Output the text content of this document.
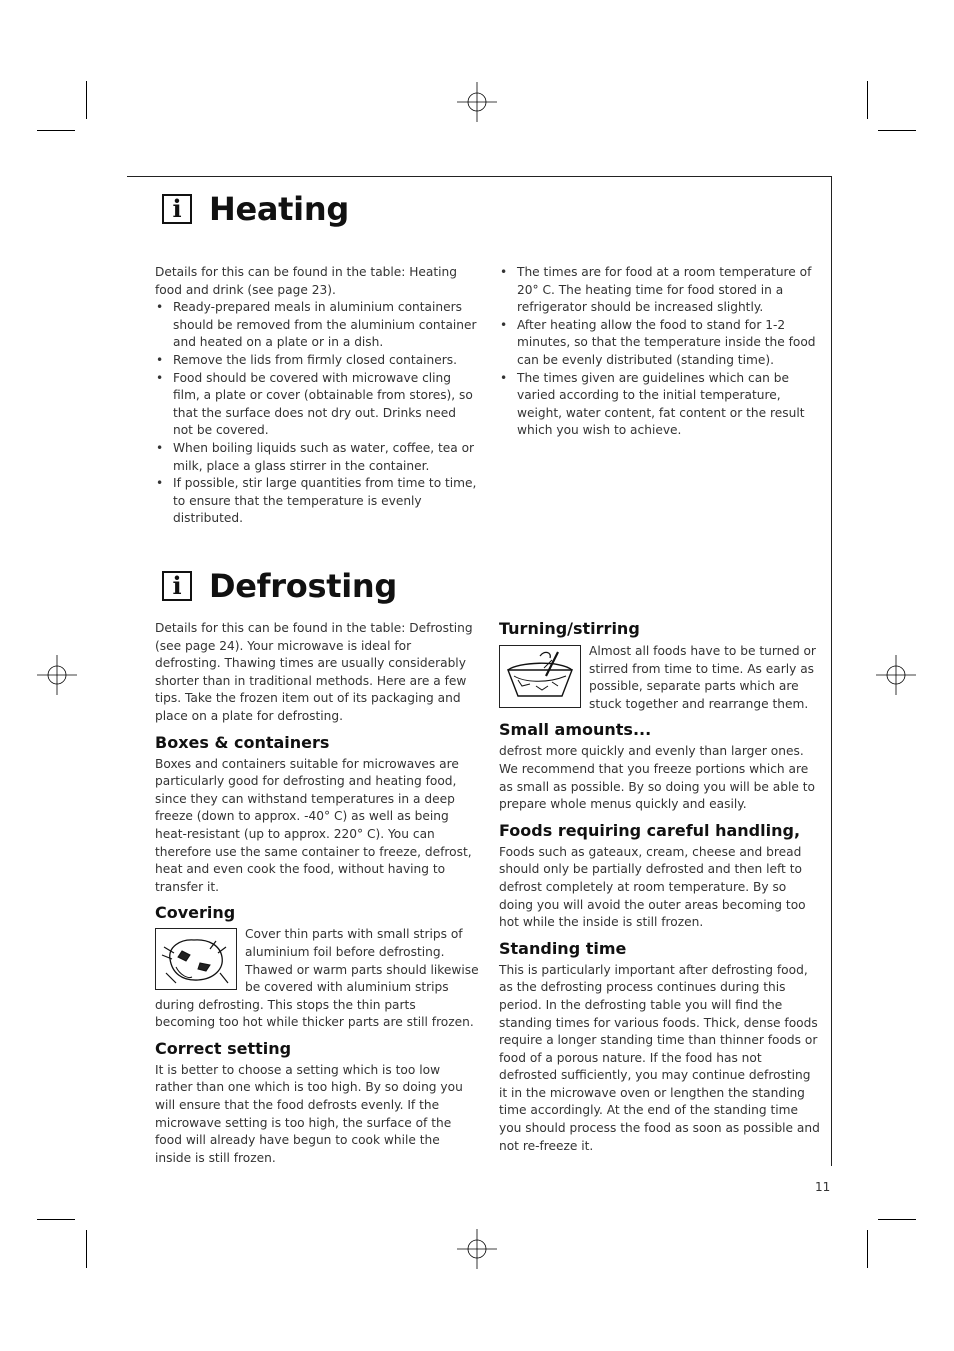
i Heating

Details for this can be found in the table: Heating food and drink (see page 23).

• Ready-prepared meals in aluminium containers should be removed from the aluminium container and heated on a plate or in a dish.
• Remove the lids from firmly closed containers.
• Food should be covered with microwave cling film, a plate or cover (obtainable from stores), so that the surface does not dry out. Drinks need not be covered.
• When boiling liquids such as water, coffee, tea or milk, place a glass stirrer in the container.
• If possible, stir large quantities from time to time, to ensure that the temperature is evenly distributed.
• The times are for food at a room temperature of 20° C. The heating time for food stored in a refrigerator should be increased slightly.
• After heating allow the food to stand for 1-2 minutes, so that the temperature inside the food can be evenly distributed (standing time).
• The times given are guidelines which can be varied according to the initial temperature, weight, water content, fat content or the result which you wish to achieve.
i Defrosting

Details for this can be found in the table: Defrosting (see page 24). Your microwave is ideal for defrosting. Thawing times are usually considerably shorter than in traditional methods. Here are a few tips. Take the frozen item out of its packaging and place on a plate for defrosting.

Boxes & containers

Boxes and containers suitable for microwaves are particularly good for defrosting and heating food, since they can withstand temperatures in a deep freeze (down to approx. -40° C) as well as being heat-resistant (up to approx. 220° C). You can therefore use the same container to freeze, defrost, heat and even cook the food, without having to transfer it.

Covering

Cover thin parts with small strips of aluminium foil before defrosting. Thawed or warm parts should likewise be covered with aluminium strips during defrosting. This stops the thin parts becoming too hot while thicker parts are still frozen.

Correct setting

It is better to choose a setting which is too low rather than one which is too high. By so doing you will ensure that the food defrosts evenly. If the microwave setting is too high, the surface of the food will already have begun to cook while the inside is still frozen.

Turning/stirring

Almost all foods have to be turned or stirred from time to time. As early as possible, separate parts which are stuck together and rearrange them.

Small amounts...

defrost more quickly and evenly than larger ones. We recommend that you freeze portions which are as small as possible. By so doing you will be able to prepare whole menus quickly and easily.

Foods requiring careful handling,

Foods such as gateaux, cream, cheese and bread should only be partially defrosted and then left to defrost completely at room temperature. By so doing you will avoid the outer areas becoming too hot while the inside is still frozen.

Standing time

This is particularly important after defrosting food, as the defrosting process continues during this period. In the defrosting table you will find the standing times for various foods. Thick, dense foods require a longer standing time than thinner foods or food of a porous nature. If the food has not defrosted sufficiently, you may continue defrosting it in the microwave oven or lengthen the standing time accordingly. At the end of the standing time you should process the food as soon as possible and not re-freeze it.

11
